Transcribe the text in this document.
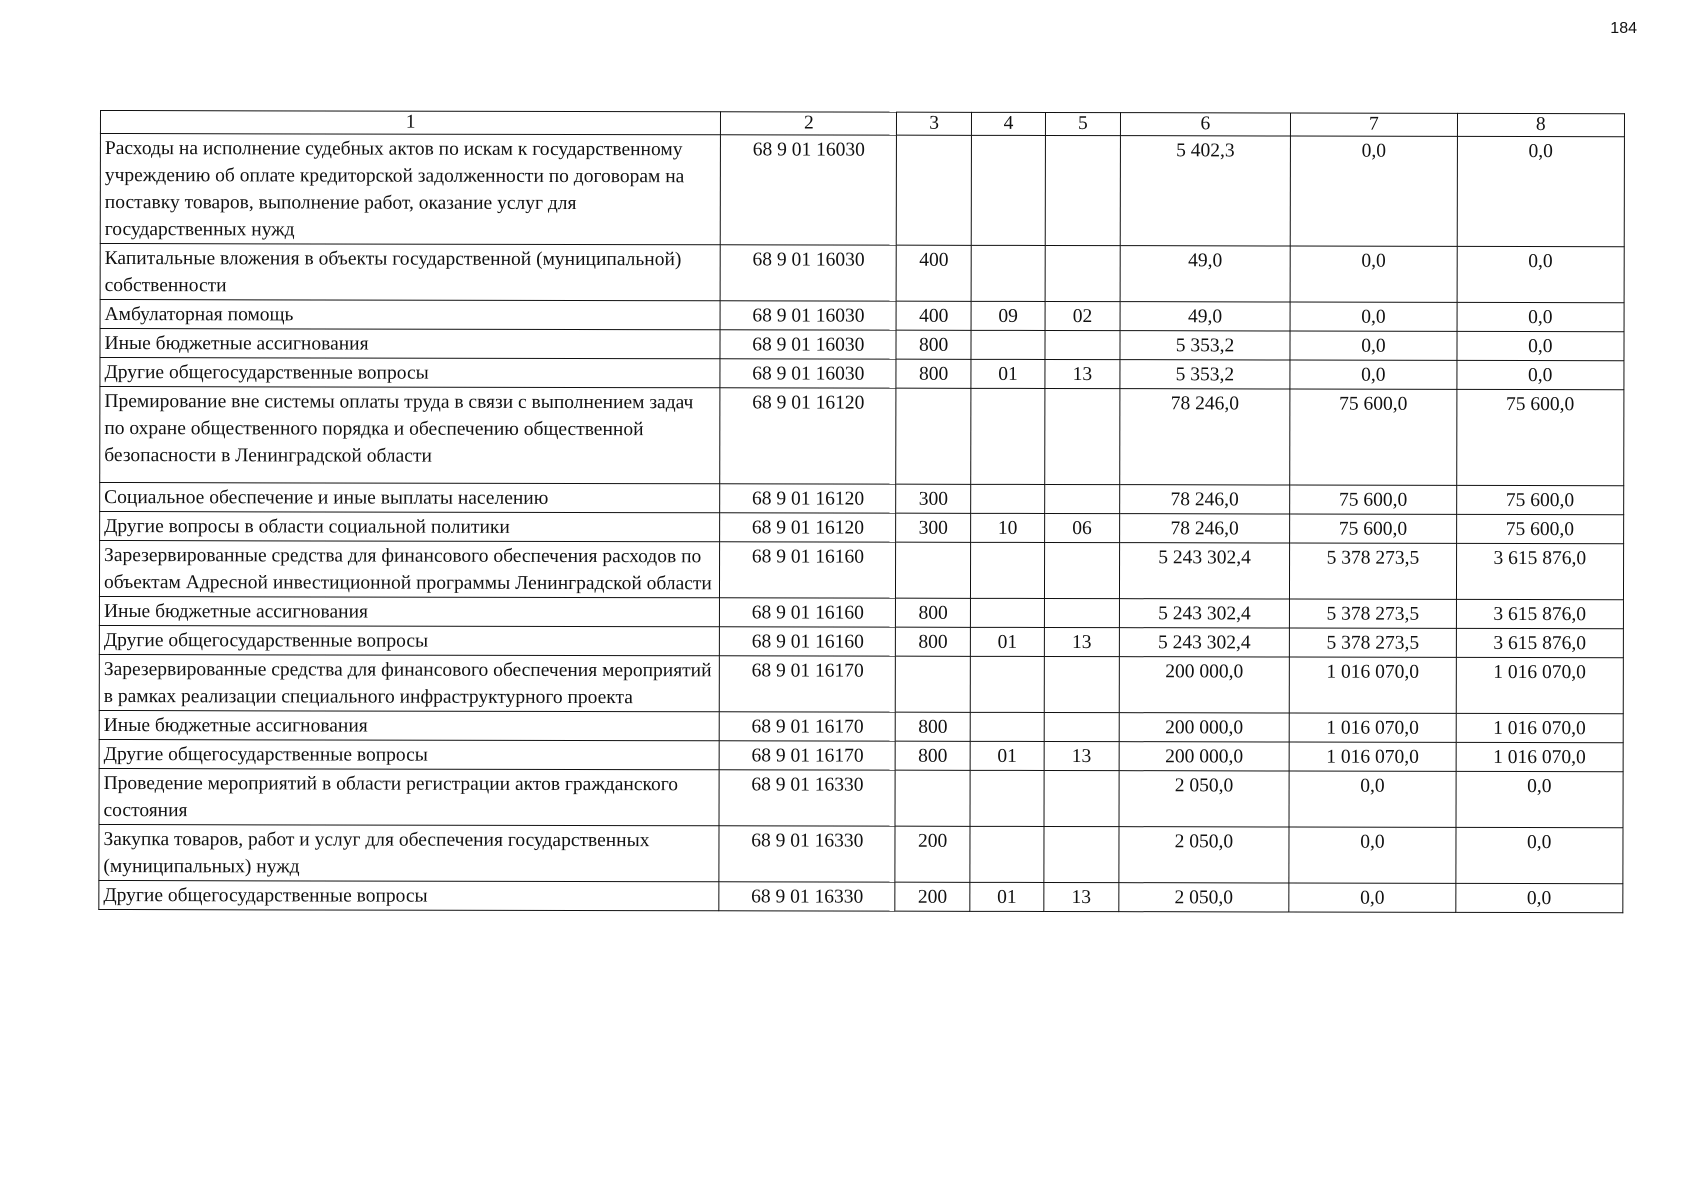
184
1	2	3	4	5	6	7	8
Расходы на исполнение судебных актов по искам к государственному учреждению об оплате кредиторской задолженности по договорам на поставку товаров, выполнение работ, оказание услуг для государственных нужд	68 9 01 16030				5 402,3	0,0	0,0
Капитальные вложения в объекты государственной (муниципальной) собственности	68 9 01 16030	400			49,0	0,0	0,0
Амбулаторная помощь	68 9 01 16030	400	09	02	49,0	0,0	0,0
Иные бюджетные ассигнования	68 9 01 16030	800			5 353,2	0,0	0,0
Другие общегосударственные вопросы	68 9 01 16030	800	01	13	5 353,2	0,0	0,0
Премирование вне системы оплаты труда в связи с выполнением задач по охране общественного порядка и обеспечению общественной безопасности в Ленинградской области	68 9 01 16120				78 246,0	75 600,0	75 600,0
Социальное обеспечение и иные выплаты населению	68 9 01 16120	300			78 246,0	75 600,0	75 600,0
Другие вопросы в области социальной политики	68 9 01 16120	300	10	06	78 246,0	75 600,0	75 600,0
Зарезервированные средства для финансового обеспечения расходов по объектам Адресной инвестиционной программы Ленинградской области	68 9 01 16160				5 243 302,4	5 378 273,5	3 615 876,0
Иные бюджетные ассигнования	68 9 01 16160	800			5 243 302,4	5 378 273,5	3 615 876,0
Другие общегосударственные вопросы	68 9 01 16160	800	01	13	5 243 302,4	5 378 273,5	3 615 876,0
Зарезервированные средства для финансового обеспечения мероприятий в рамках реализации специального инфраструктурного проекта	68 9 01 16170				200 000,0	1 016 070,0	1 016 070,0
Иные бюджетные ассигнования	68 9 01 16170	800			200 000,0	1 016 070,0	1 016 070,0
Другие общегосударственные вопросы	68 9 01 16170	800	01	13	200 000,0	1 016 070,0	1 016 070,0
Проведение мероприятий в области регистрации актов гражданского состояния	68 9 01 16330				2 050,0	0,0	0,0
Закупка товаров, работ и услуг для обеспечения государственных (муниципальных) нужд	68 9 01 16330	200			2 050,0	0,0	0,0
Другие общегосударственные вопросы	68 9 01 16330	200	01	13	2 050,0	0,0	0,0
